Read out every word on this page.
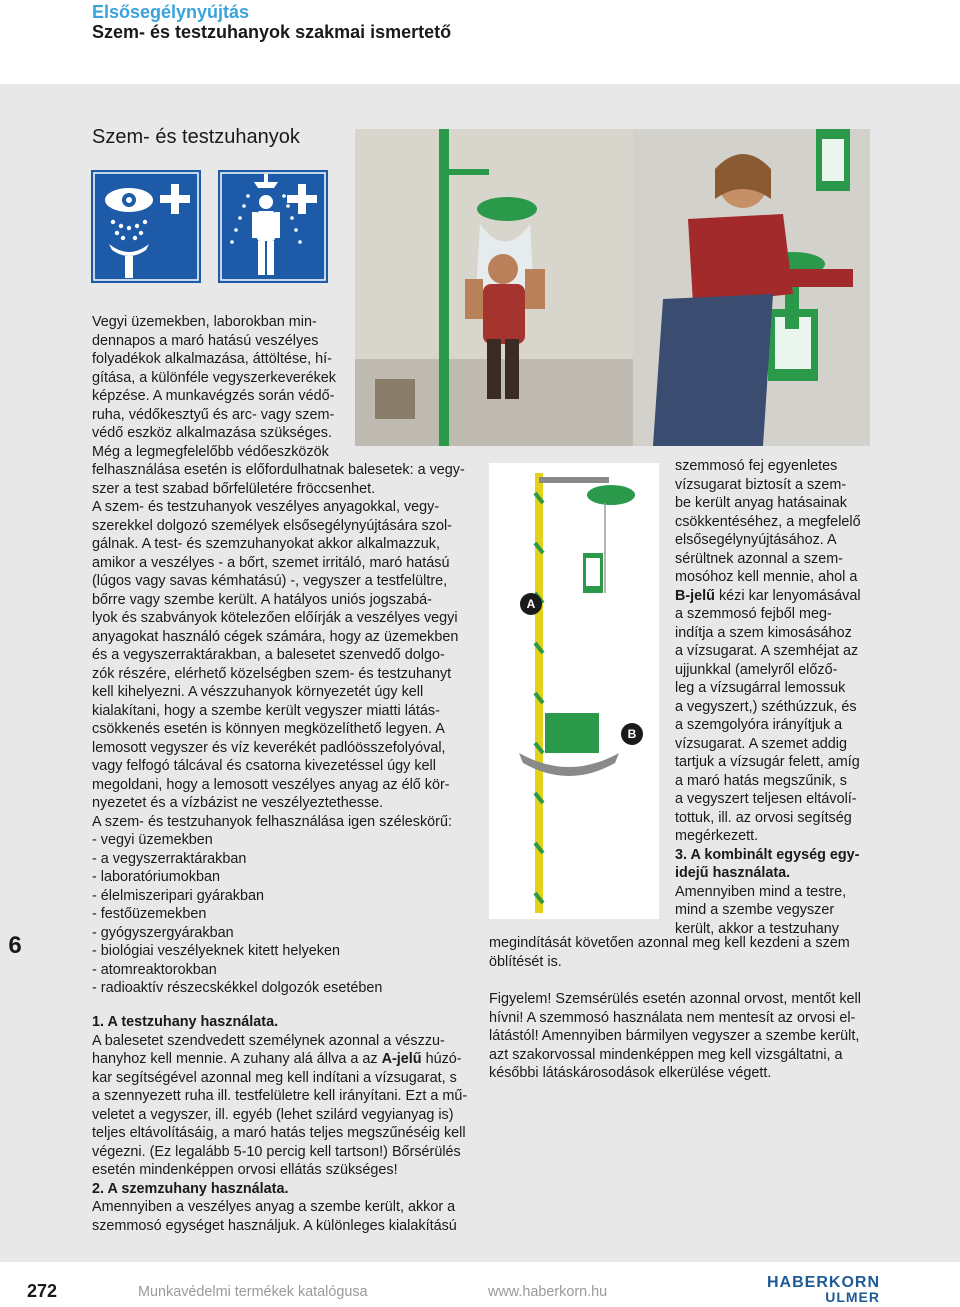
Elsősegélynyújtás
Szem- és testzuhanyok szakmai ismertető
Szem- és testzuhanyok
A
B

Vegyi üzemekben, laborokban min-

dennapos a maró hatású veszélyes

folyadékok alkalmazása, áttöltése, hí-

gítása, a különféle vegyszerkeverékek

képzése. A munkavégzés során védő-

ruha, védőkesztyű és arc- vagy szem-

védő eszköz alkalmazása szükséges.

Még a legmegfelelőbb védőeszközök

felhasználása esetén is előfordulhatnak balesetek: a vegy-

szer a test szabad bőrfelületére fröccsenhet.

A szem- és testzuhanyok veszélyes anyagokkal, vegy-

szerekkel dolgozó személyek elsősegélynyújtására szol-

gálnak. A test- és szemzuhanyokat akkor alkalmazzuk,

amikor a veszélyes - a bőrt, szemet irritáló, maró hatású

(lúgos vagy savas kémhatású) -, vegyszer a testfelültre,

bőrre vagy szembe került. A hatályos uniós jogszabá-

lyok és szabványok kötelezően előírják a veszélyes vegyi

anyagokat használó cégek számára, hogy az üzemekben

és a vegyszerraktárakban, a balesetet szenvedő dolgo-

zók részére, elérhető közelségben szem- és testzuhanyt

kell kihelyezni. A vészzuhanyok környezetét úgy kell

kialakítani, hogy a szembe került vegyszer miatti látás-

csökkenés esetén is könnyen megközelíthető legyen. A

lemosott vegyszer és víz keverékét padlóösszefolyóval,

vagy felfogó tálcával és csatorna kivezetéssel úgy kell

megoldani, hogy a lemosott veszélyes anyag az élő kör-

nyezetet és a vízbázist ne veszélyeztethesse.

A szem- és testzuhanyok felhasználása igen széleskörű:

- vegyi üzemekben

- a vegyszerraktárakban

- laboratóriumokban

- élelmiszeripari gyárakban

- festőüzemekben

- gyógyszergyárakban

- biológiai veszélyeknek kitett helyeken

- atomreaktorokban

- radioaktív részecskékkel dolgozók esetében

1. A testzuhany használata.

A balesetet szendvedett személynek azonnal a vészzu-

hanyhoz kell mennie. A zuhany alá állva a az A-jelű húzó-

kar segítségével azonnal meg kell indítani a vízsugarat, s

a szennyezett ruha ill. testfelületre kell irányítani. Ezt a mű-

veletet a vegyszer, ill. egyéb (lehet szilárd vegyianyag is)

teljes eltávolításáig, a maró hatás teljes megszűnéséig kell

végezni. (Ez legalább 5-10 percig kell tartson!) Bőrsérülés

esetén mindenképpen orvosi ellátás szükséges!

2. A szemzuhany használata.

Amennyiben a veszélyes anyag a szembe került, akkor a

szemmosó egységet használjuk. A különleges kialakítású

szemmosó fej egyenletes

vízsugarat biztosít a szem-

be került anyag hatásainak

csökkentéséhez, a megfelelő

elsősegélynyújtásához. A

sérültnek azonnal a szem-

mosóhoz kell mennie, ahol a

B-jelű kézi kar lenyomásával

a szemmosó fejből meg-

indítja a szem kimosásához

a vízsugarat. A szemhéjat az

ujjunkkal (amelyről előző-

leg a vízsugárral lemossuk

a vegyszert,) széthúzzuk, és

a szemgolyóra irányítjuk a

vízsugarat. A szemet addig

tartjuk a vízsugár felett, amíg

a maró hatás megszűnik, s

a vegyszert teljesen eltávolí-

tottuk, ill. az orvosi segítség

megérkezett.

3. A kombinált egység egy-

idejű használata.

Amennyiben mind a testre,

mind a szembe vegyszer

került, akkor a testzuhany

megindítását követően azonnal meg kell kezdeni a szem

öblítését is.

Figyelem! Szemsérülés esetén azonnal orvost, mentőt kell

hívni! A szemmosó használata nem mentesít az orvosi el-

látástól! Amennyiben bármilyen vegyszer a szembe került,

azt szakorvossal mindenképpen meg kell vizsgáltatni, a

későbbi látáskárosodások elkerülése végett.

6
272	Munkavédelmi termékek katalógusa	www.haberkorn.hu
HABERKORN
ULMER
